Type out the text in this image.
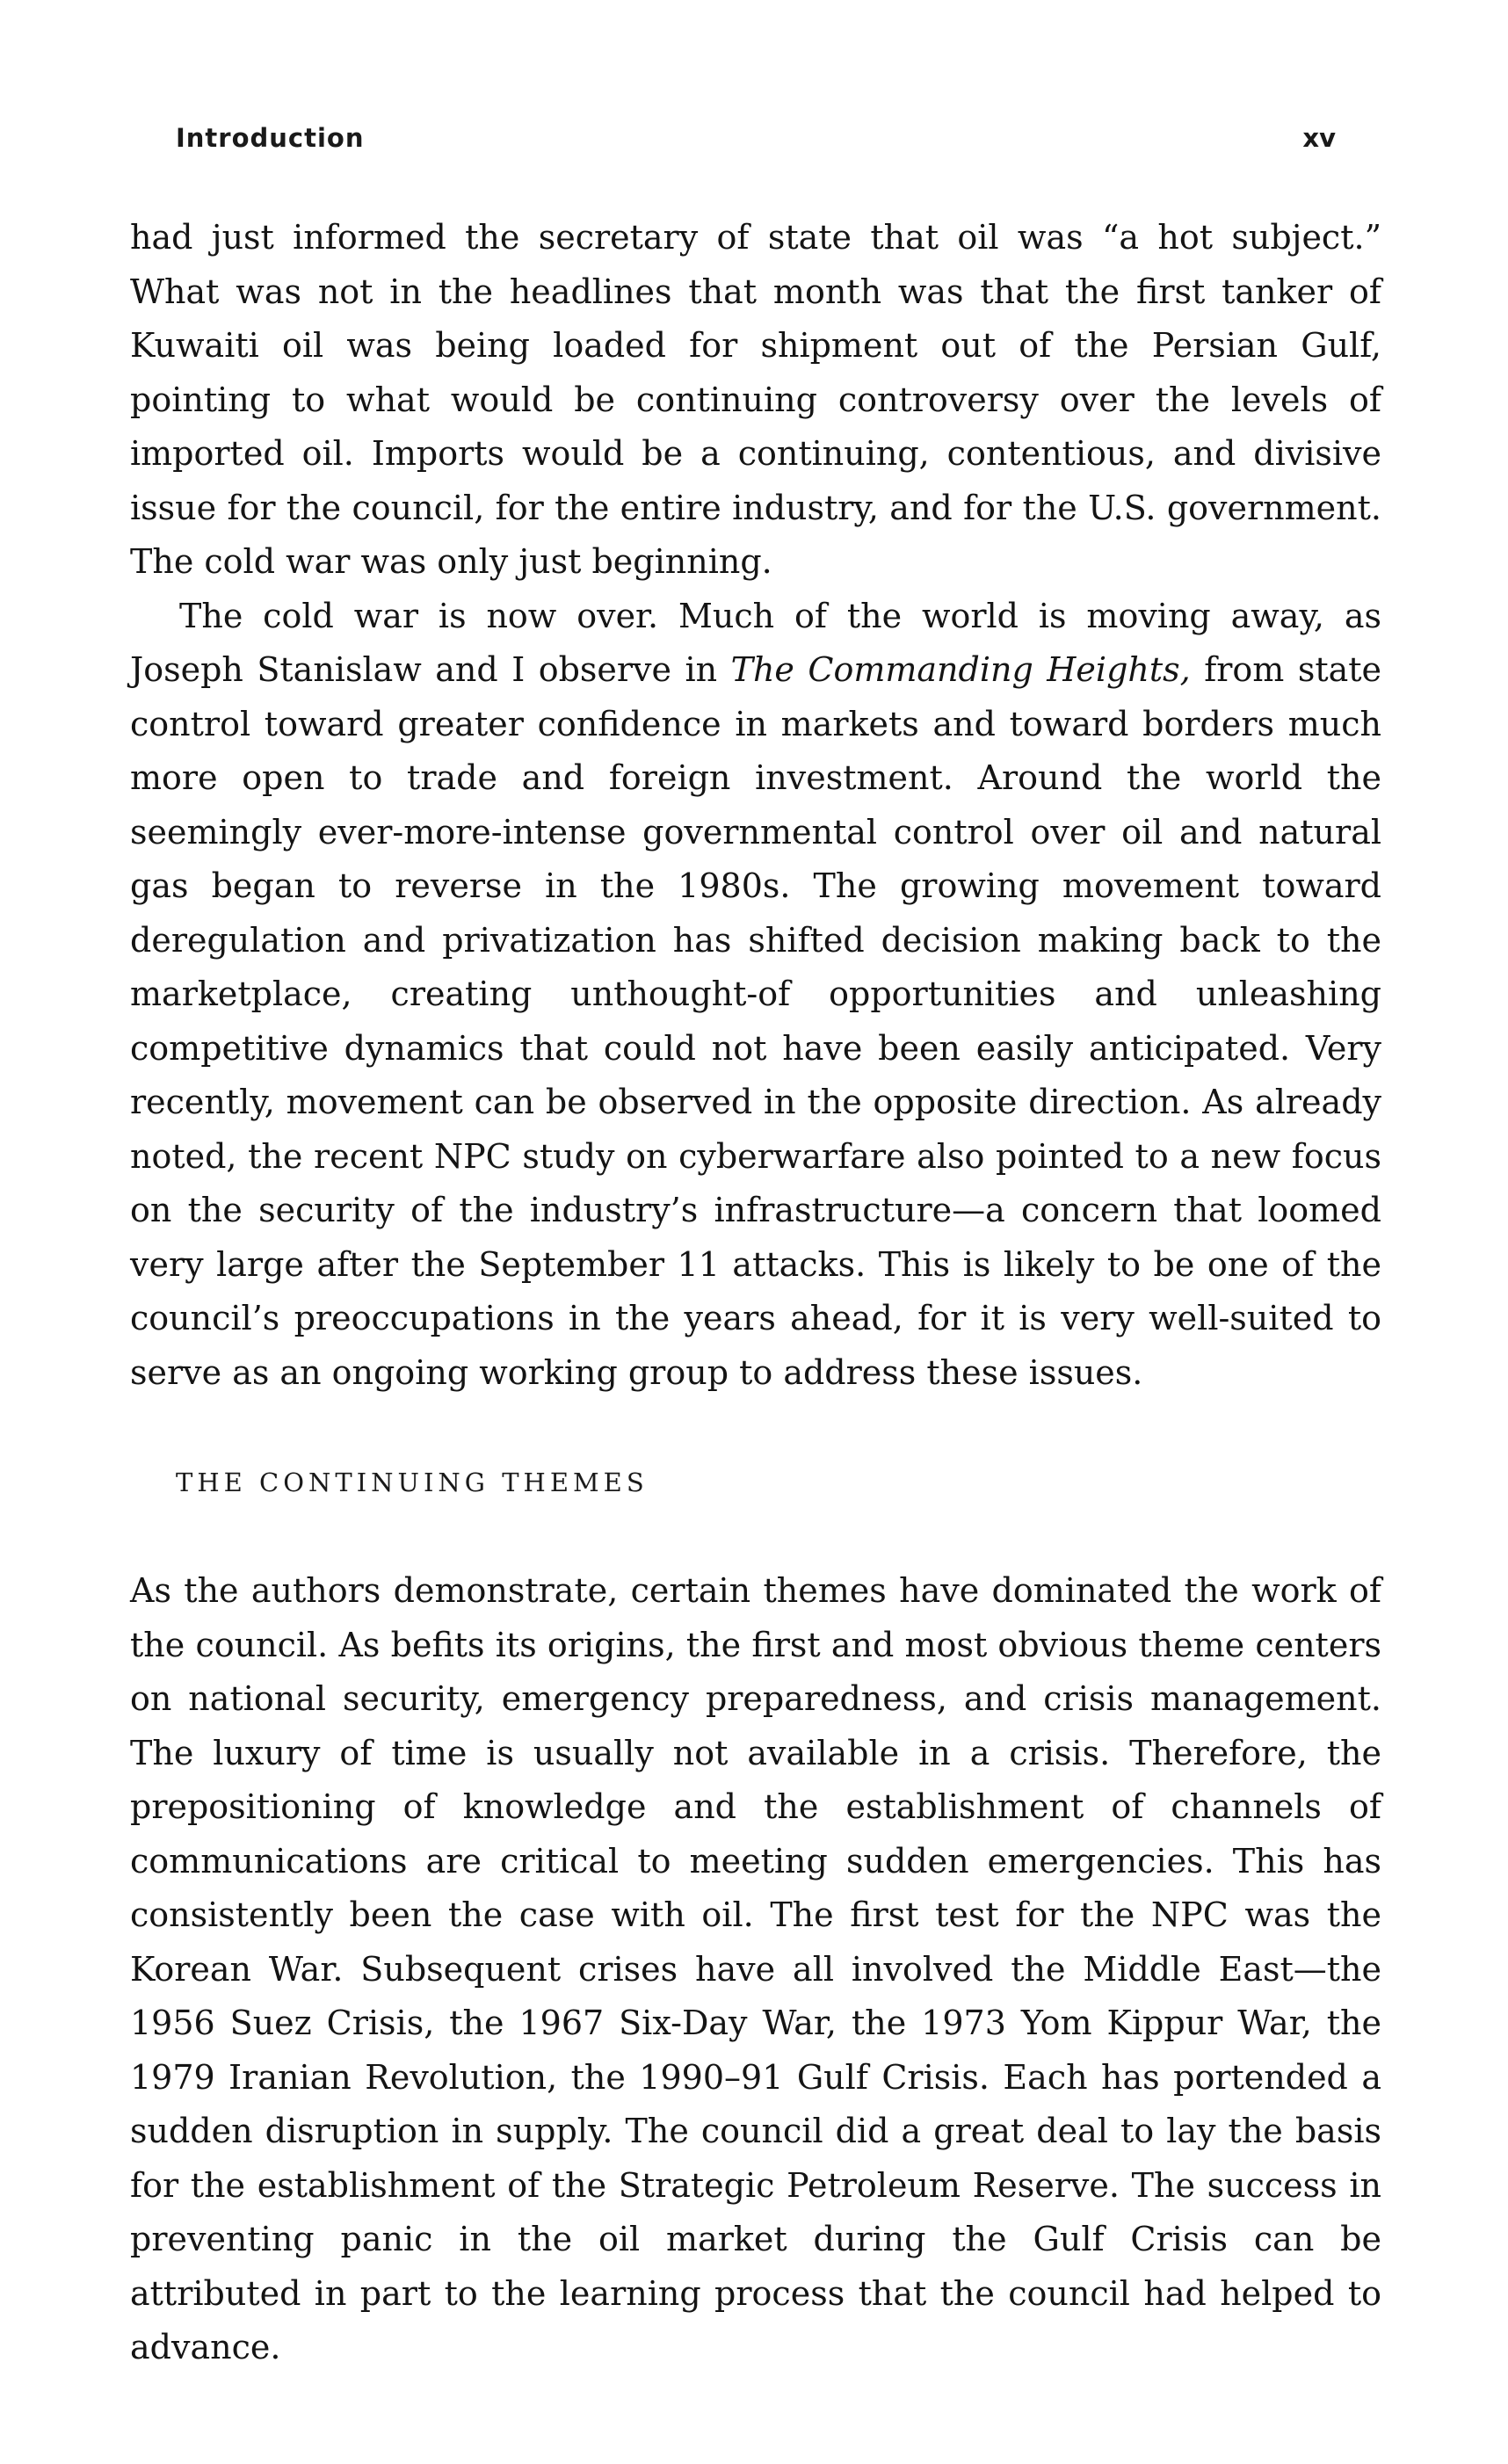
Introduction	xv

had just informed the secretary of state that oil was “a hot subject.” What was not in the headlines that month was that the first tanker of Kuwaiti oil was being loaded for shipment out of the Persian Gulf, pointing to what would be continuing controversy over the levels of imported oil. Imports would be a continuing, contentious, and divisive issue for the council, for the entire industry, and for the U.S. government. The cold war was only just beginning.

The cold war is now over. Much of the world is moving away, as Joseph Stanislaw and I observe in The Commanding Heights, from state control toward greater confidence in markets and toward borders much more open to trade and foreign investment. Around the world the seemingly ever-more-intense governmental control over oil and natural gas began to reverse in the 1980s. The growing movement toward deregulation and privatization has shifted decision making back to the marketplace, creating unthought-of opportunities and unleashing competitive dynamics that could not have been easily anticipated. Very recently, movement can be observed in the opposite direction. As already noted, the recent NPC study on cyberwarfare also pointed to a new focus on the security of the industry’s infrastructure—a concern that loomed very large after the September 11 attacks. This is likely to be one of the council’s preoccupations in the years ahead, for it is very well-suited to serve as an ongoing working group to address these issues.

THE CONTINUING THEMES

As the authors demonstrate, certain themes have dominated the work of the council. As befits its origins, the first and most obvious theme centers on national security, emergency preparedness, and crisis management. The luxury of time is usually not available in a crisis. Therefore, the prepositioning of knowledge and the establishment of channels of communications are critical to meeting sudden emergencies. This has consistently been the case with oil. The first test for the NPC was the Korean War. Subsequent crises have all involved the Middle East—the 1956 Suez Crisis, the 1967 Six-Day War, the 1973 Yom Kippur War, the 1979 Iranian Revolution, the 1990–91 Gulf Crisis. Each has portended a sudden disruption in supply. The council did a great deal to lay the basis for the establishment of the Strategic Petroleum Reserve. The success in preventing panic in the oil market during the Gulf Crisis can be attributed in part to the learning process that the council had helped to advance.
